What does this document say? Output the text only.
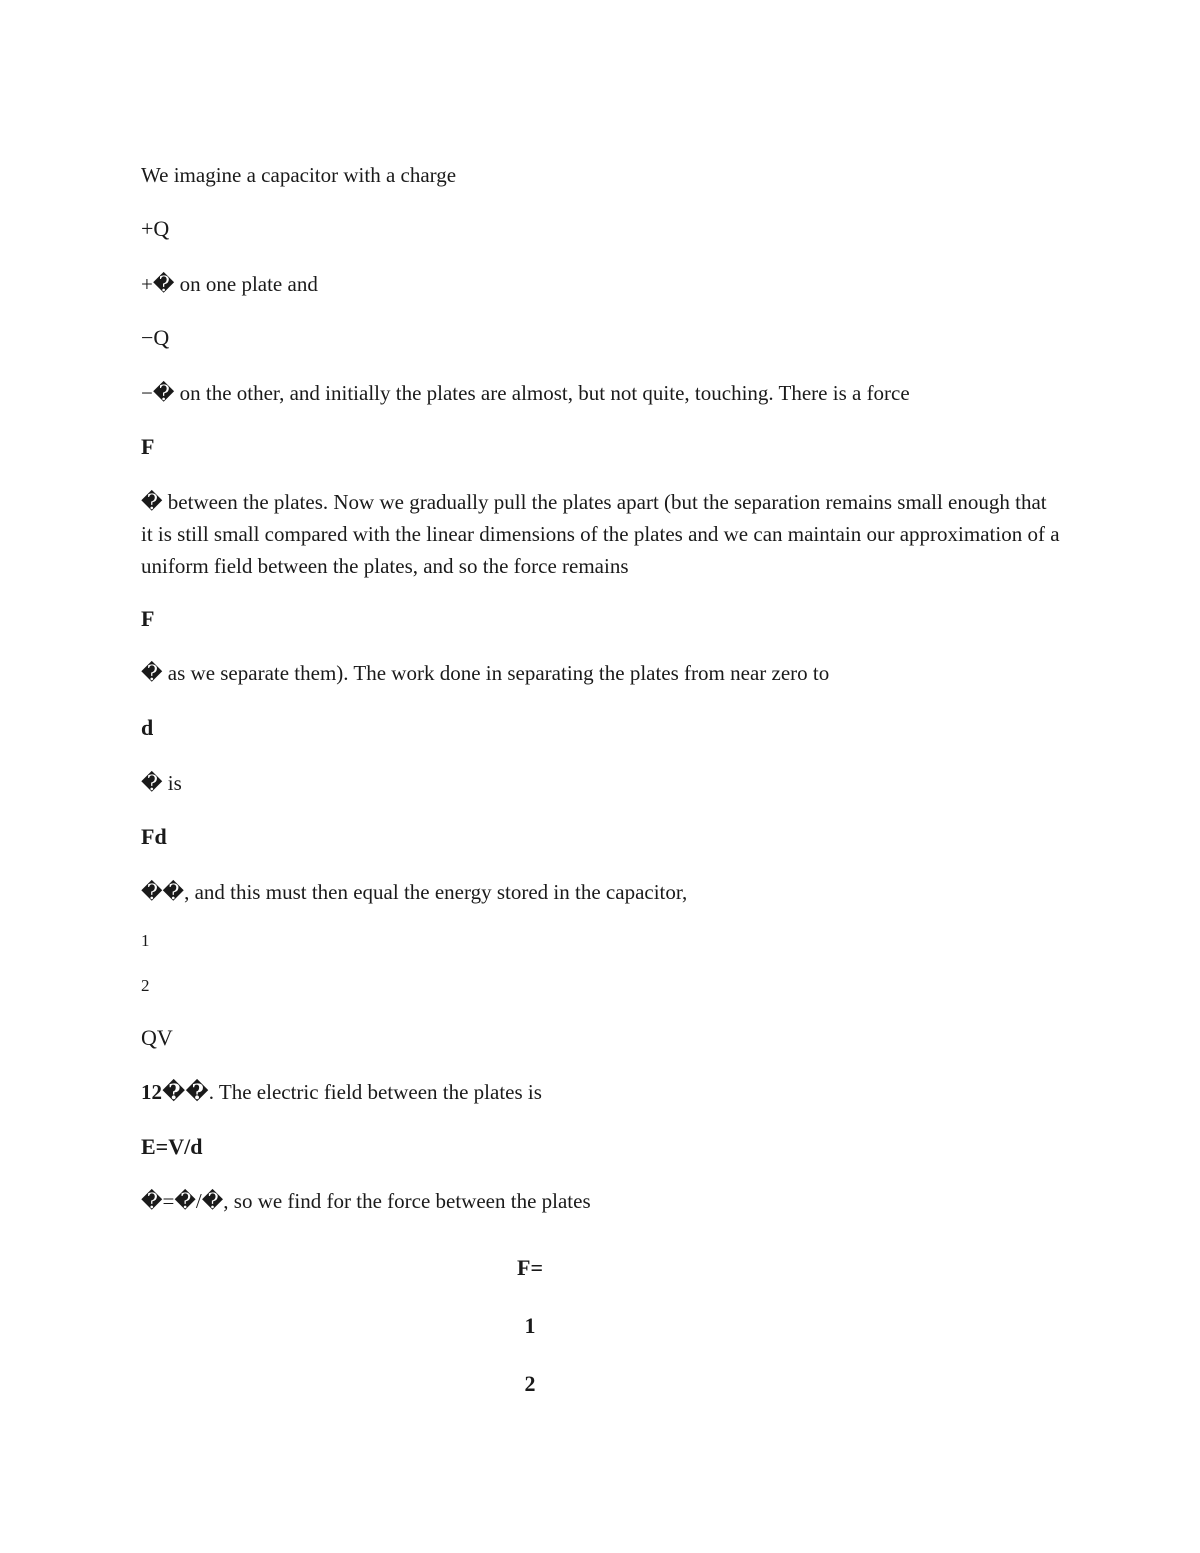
We imagine a capacitor with a charge
+Q
+� on one plate and
−Q
−� on the other, and initially the plates are almost, but not quite, touching. There is a force
F
� between the plates. Now we gradually pull the plates apart (but the separation remains small enough that it is still small compared with the linear dimensions of the plates and we can maintain our approximation of a uniform field between the plates, and so the force remains
F
� as we separate them). The work done in separating the plates from near zero to
d
� is
Fd
��, and this must then equal the energy stored in the capacitor,
1
2
QV
12��. The electric field between the plates is
E=V/d
�=�/�, so we find for the force between the plates
F=
1
2
